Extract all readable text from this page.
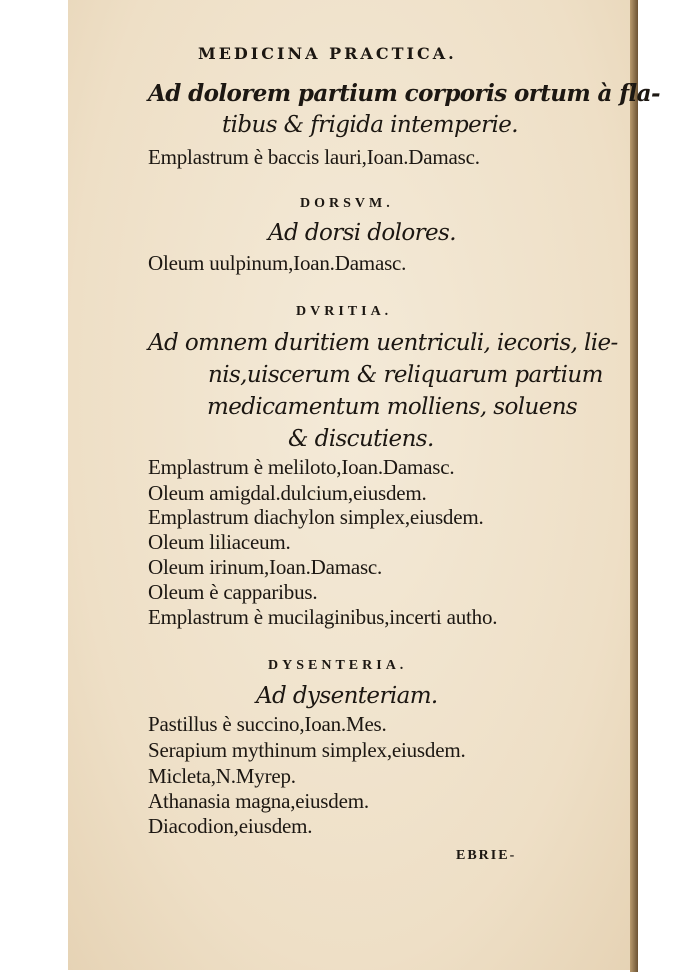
MEDICINA PRACTICA.
Ad dolorem partium corporis ortum à fla-
tibus & frigida intemperie.
Emplastrum è baccis lauri,Ioan.Damasc.
DORSVM.
Ad dorsi dolores.
Oleum uulpinum,Ioan.Damasc.
DVRITIA.
Ad omnem duritiem uentriculi, iecoris, lie-
nis,uiscerum & reliquarum partium
medicamentum molliens, soluens
& discutiens.
Emplastrum è meliloto,Ioan.Damasc.
Oleum amigdal.dulcium,eiusdem.
Emplastrum diachylon simplex,eiusdem.
Oleum liliaceum.
Oleum irinum,Ioan.Damasc.
Oleum è capparibus.
Emplastrum è mucilaginibus,incerti autho.
DYSENTERIA.
Ad dysenteriam.
Pastillus è succino,Ioan.Mes.
Serapium mythinum simplex,eiusdem.
Micleta,N.Myrep.
Athanasia magna,eiusdem.
Diacodion,eiusdem.
EBRIE-
